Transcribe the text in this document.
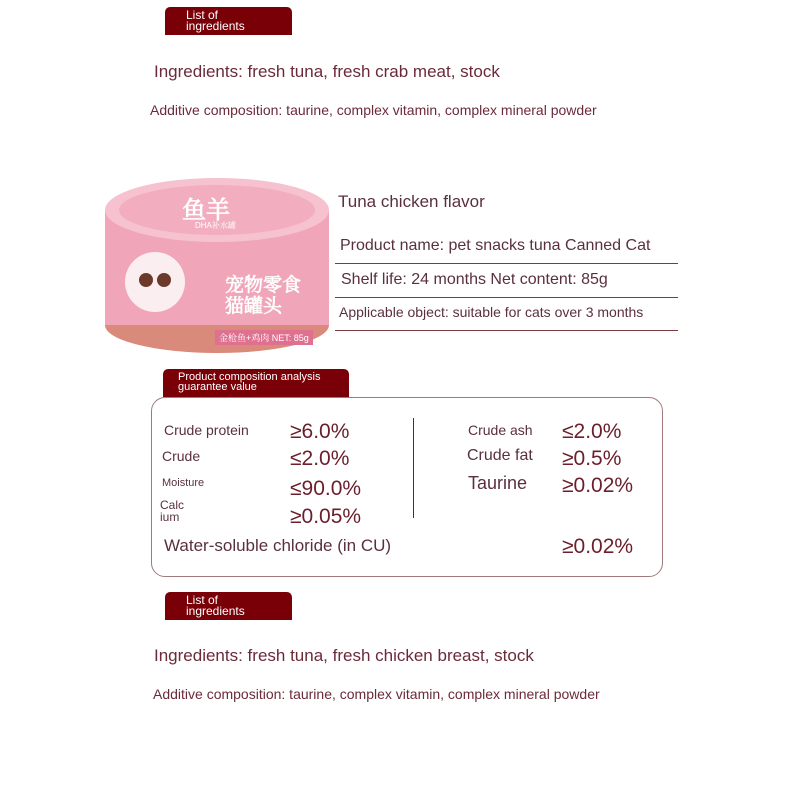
List of
ingredients
Ingredients: fresh tuna, fresh crab meat, stock
Additive composition: taurine, complex vitamin, complex mineral powder
鱼羊
DHA补水罐
宠物零食
猫罐头
金枪鱼+鸡肉 NET: 85g
Tuna chicken flavor
Product name: pet snacks tuna Canned Cat
Shelf life: 24 months Net content: 85g
Applicable object: suitable for cats over 3 months
Product composition analysis
guarantee value
Crude protein ≥6.0%
Crude	≤2.0%
Moisture	≤90.0%
Calc
ium	≥0.05%
Crude ash ≤2.0%
Crude fat ≥0.5%
Taurine ≥0.02%
Water-soluble chloride (in CU)	≥0.02%
List of
ingredients
Ingredients: fresh tuna, fresh chicken breast, stock
Additive composition: taurine, complex vitamin, complex mineral powder
